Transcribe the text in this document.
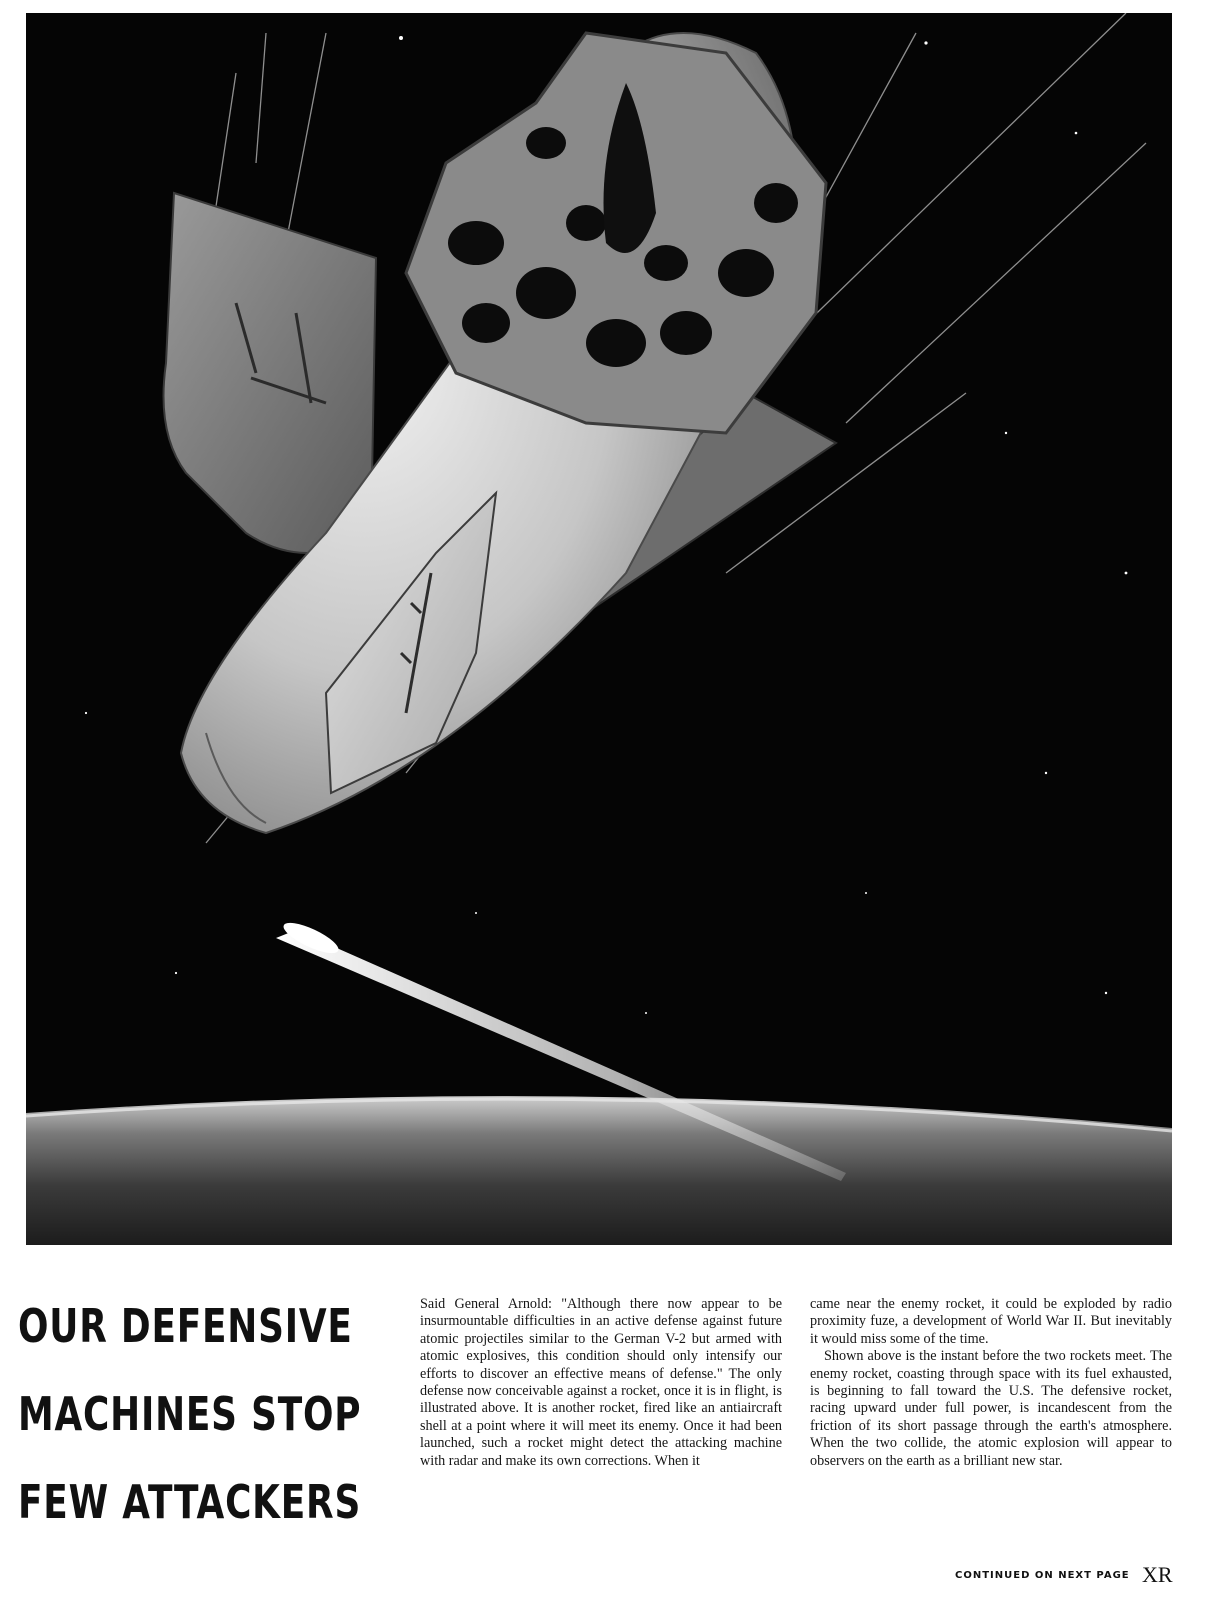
OUR DEFENSIVE
MACHINES STOP
FEW ATTACKERS

Said General Arnold: "Although there now appear to be insurmountable difficulties in an active defense against future atomic projectiles similar to the German V-2 but armed with atomic explosives, this condition should only intensify our efforts to discover an effective means of defense." The only defense now conceivable against a rocket, once it is in flight, is illustrated above. It is another rocket, fired like an antiaircraft shell at a point where it will meet its enemy. Once it had been launched, such a rocket might detect the attacking machine with radar and make its own corrections. When it

came near the enemy rocket, it could be exploded by radio proximity fuze, a development of World War II. But inevitably it would miss some of the time.

Shown above is the instant before the two rockets meet. The enemy rocket, coasting through space with its fuel exhausted, is beginning to fall toward the U.S. The defensive rocket, racing upward under full power, is incandescent from the friction of its short passage through the earth's atmosphere. When the two collide, the atomic explosion will appear to observers on the earth as a brilliant new star.

CONTINUED ON NEXT PAGE XR
